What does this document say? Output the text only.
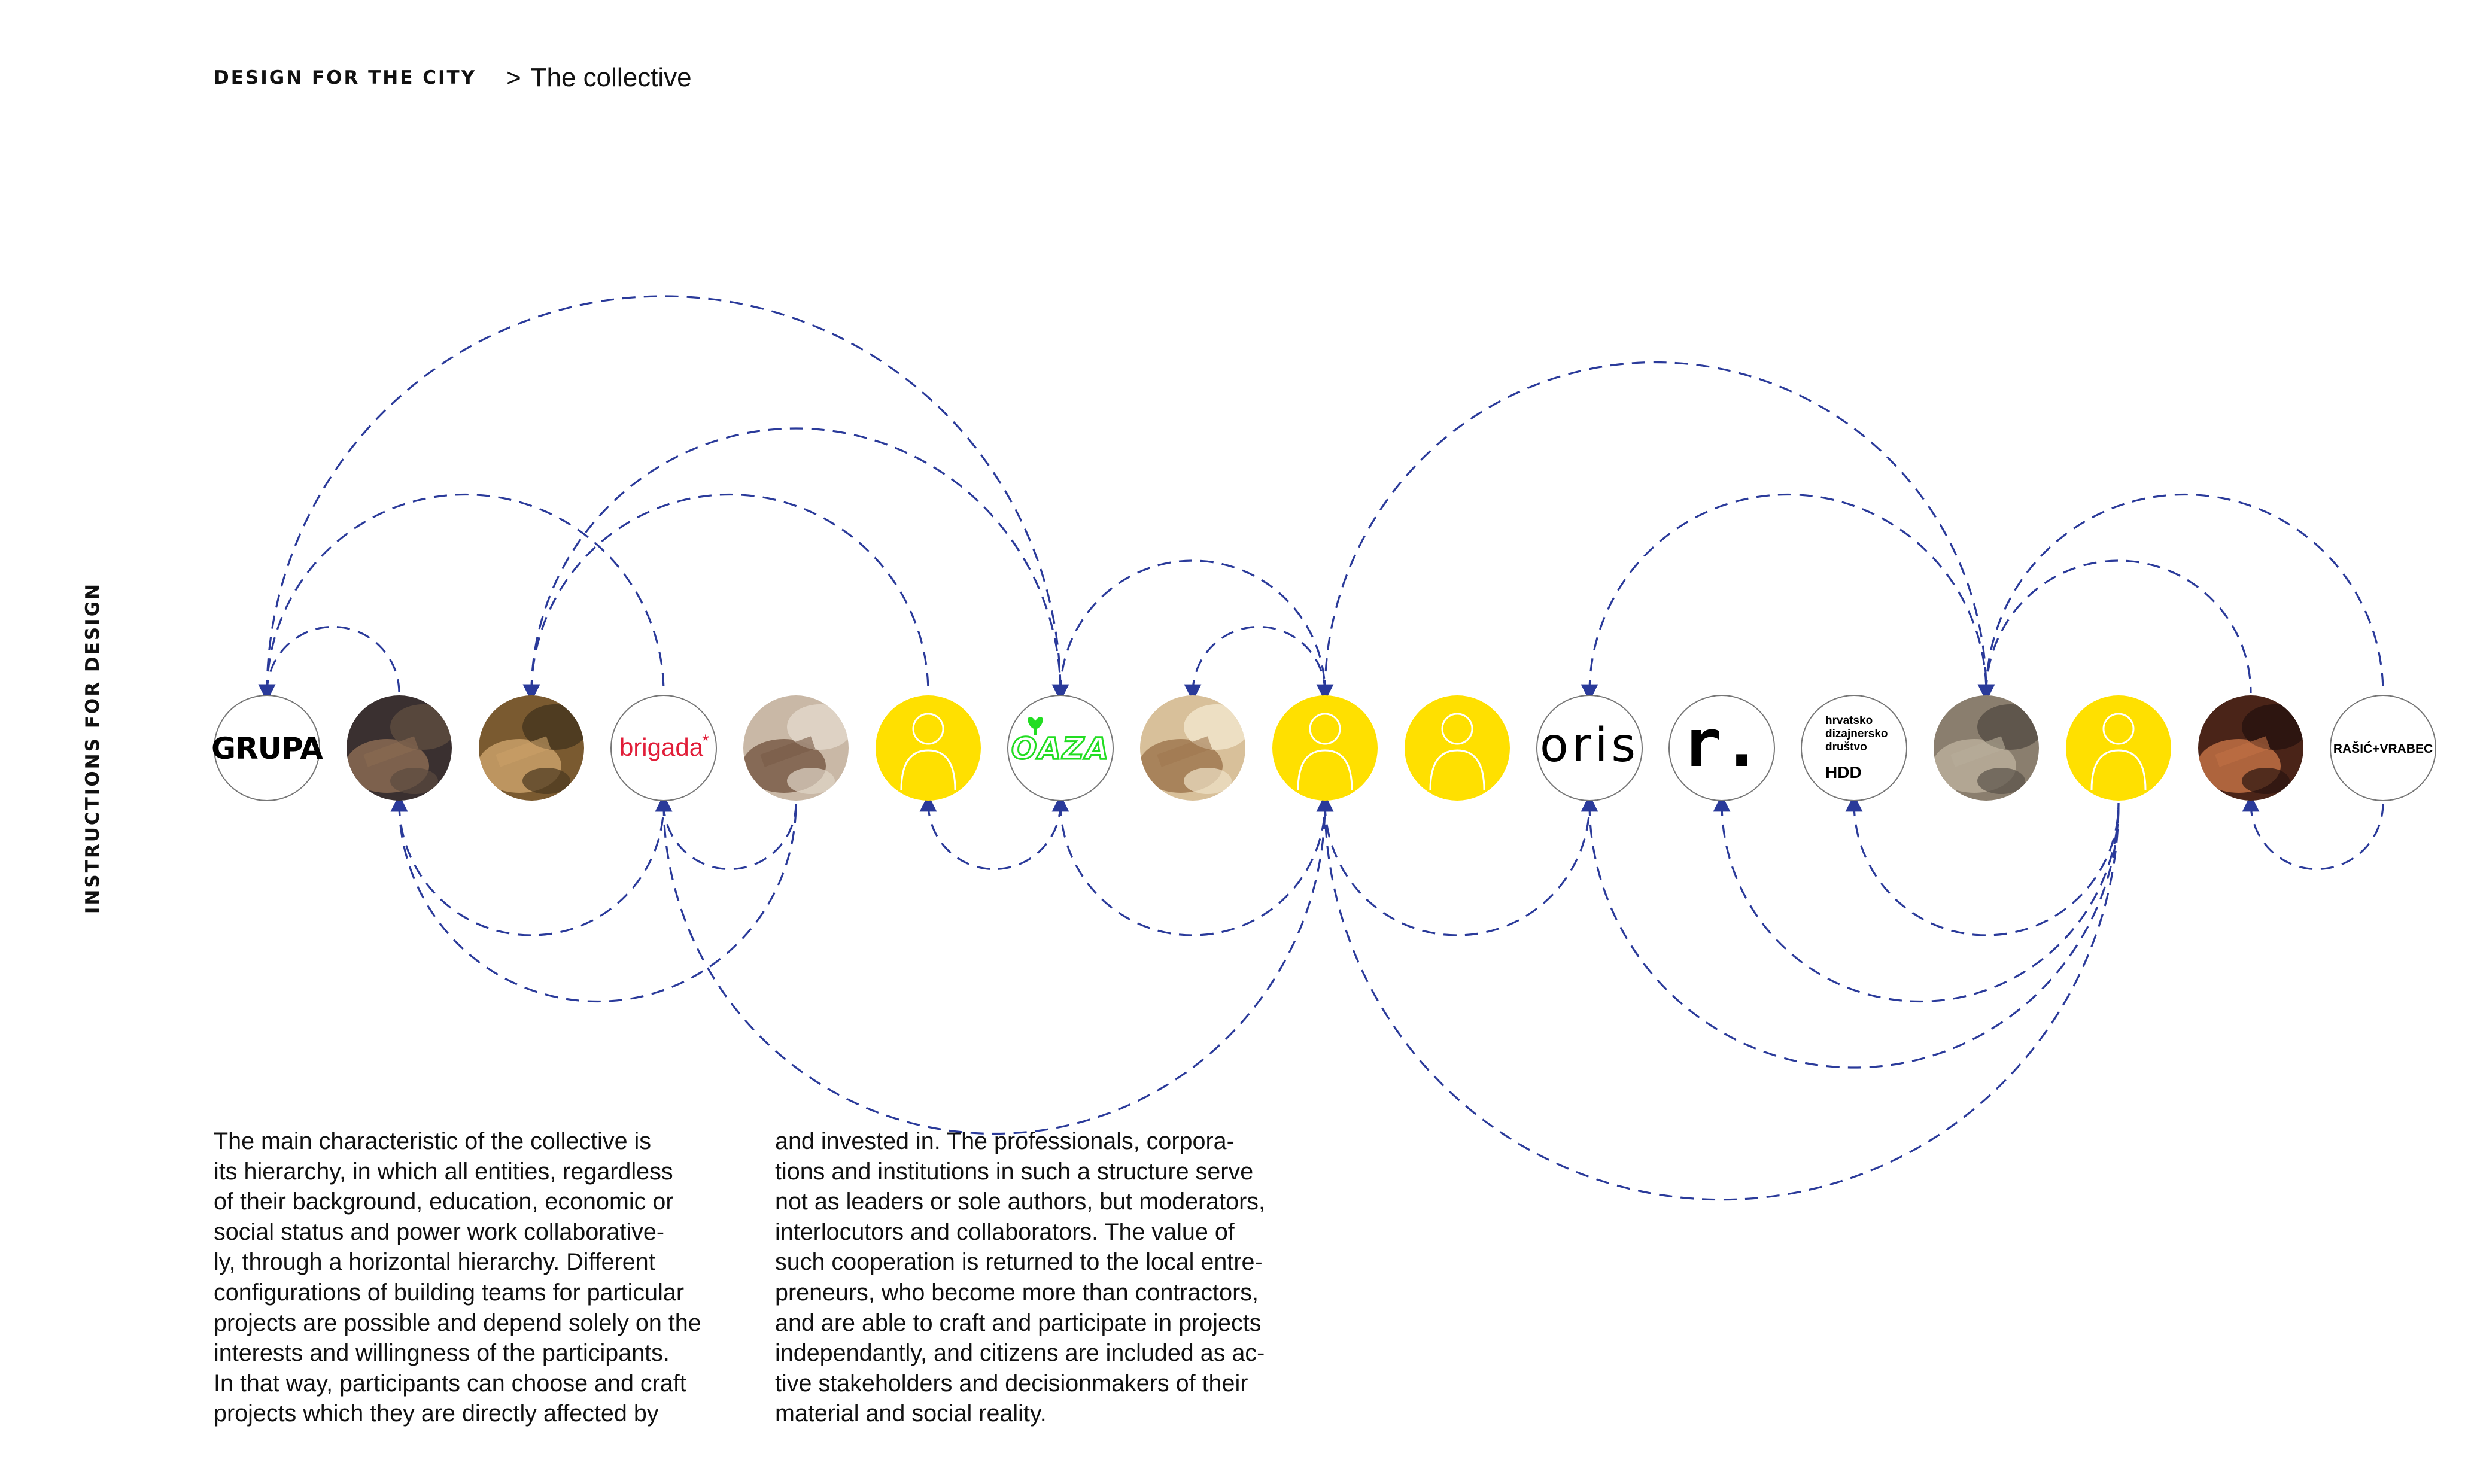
DESIGN FOR THE CITY > The collective
INSTRUCTIONS FOR DESIGN	GRUPA	brigada
*	OAZA	oris r.	hrvatsko
dizajnersko
društvo
HDD
RAŠIĆ+VRABEC
The main characteristic of the collective is
its hierarchy, in which all entities, regardless
of their background, education, economic or
social status and power work collaborative-
ly, through a horizontal hierarchy. Different
configurations of building teams for particular
projects are possible and depend solely on the
interests and willingness of the participants.
In that way, participants can choose and craft
projects which they are directly affected by
and invested in. The professionals, corpora-
tions and institutions in such a structure serve
not as leaders or sole authors, but moderators,
interlocutors and collaborators. The value of
such cooperation is returned to the local entre-
preneurs, who become more than contractors,
and are able to craft and participate in projects
independantly, and citizens are included as ac-
tive stakeholders and decisionmakers of their
material and social reality.
